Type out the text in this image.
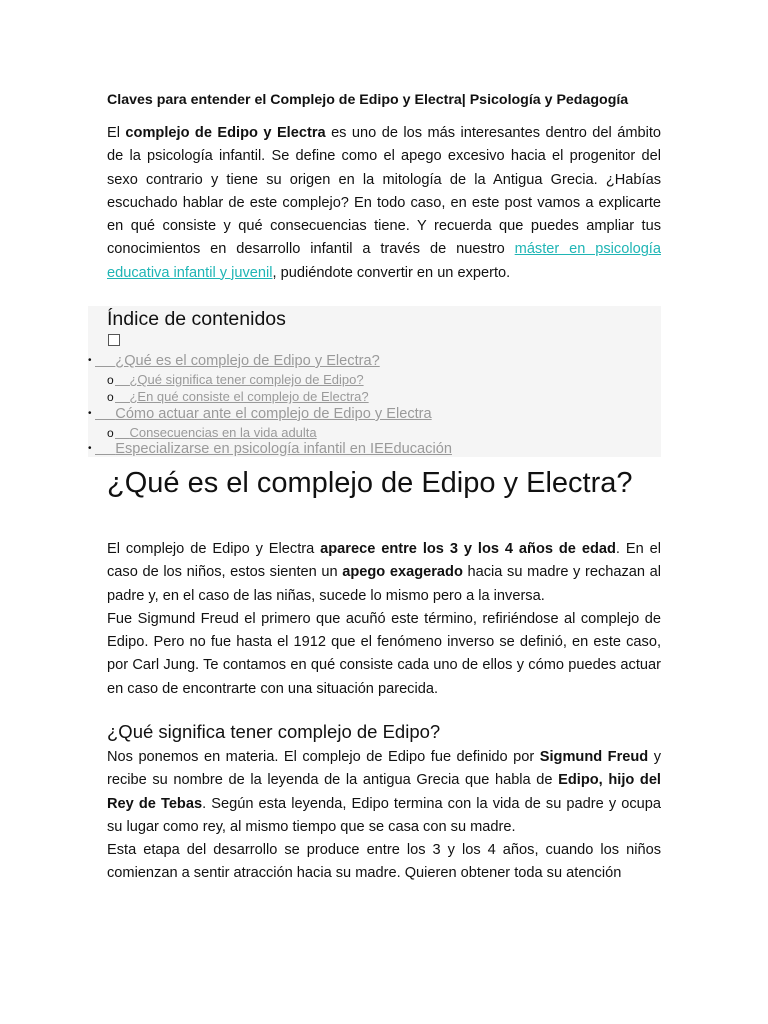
Claves para entender el Complejo de Edipo y Electra| Psicología y Pedagogía

El complejo de Edipo y Electra es uno de los más interesantes dentro del ámbito de la psicología infantil. Se define como el apego excesivo hacia el progenitor del sexo contrario y tiene su origen en la mitología de la Antigua Grecia. ¿Habías escuchado hablar de este complejo? En todo caso, en este post vamos a explicarte en qué consiste y qué consecuencias tiene. Y recuerda que puedes ampliar tus conocimientos en desarrollo infantil a través de nuestro máster en psicología educativa infantil y juvenil, pudiéndote convertir en un experto.

Índice de contenidos
• ¿Qué es el complejo de Edipo y Electra?
o ¿Qué significa tener complejo de Edipo?
o ¿En qué consiste el complejo de Electra?
• Cómo actuar ante el complejo de Edipo y Electra
o Consecuencias en la vida adulta
• Especializarse en psicología infantil en IEEducación
¿Qué es el complejo de Edipo y Electra?

El complejo de Edipo y Electra aparece entre los 3 y los 4 años de edad. En el caso de los niños, estos sienten un apego exagerado hacia su madre y rechazan al padre y, en el caso de las niñas, sucede lo mismo pero a la inversa.

Fue Sigmund Freud el primero que acuñó este término, refiriéndose al complejo de Edipo. Pero no fue hasta el 1912 que el fenómeno inverso se definió, en este caso, por Carl Jung. Te contamos en qué consiste cada uno de ellos y cómo puedes actuar en caso de encontrarte con una situación parecida.

¿Qué significa tener complejo de Edipo?

Nos ponemos en materia. El complejo de Edipo fue definido por Sigmund Freud y recibe su nombre de la leyenda de la antigua Grecia que habla de Edipo, hijo del Rey de Tebas. Según esta leyenda, Edipo termina con la vida de su padre y ocupa su lugar como rey, al mismo tiempo que se casa con su madre.

Esta etapa del desarrollo se produce entre los 3 y los 4 años, cuando los niños comienzan a sentir atracción hacia su madre. Quieren obtener toda su atención
